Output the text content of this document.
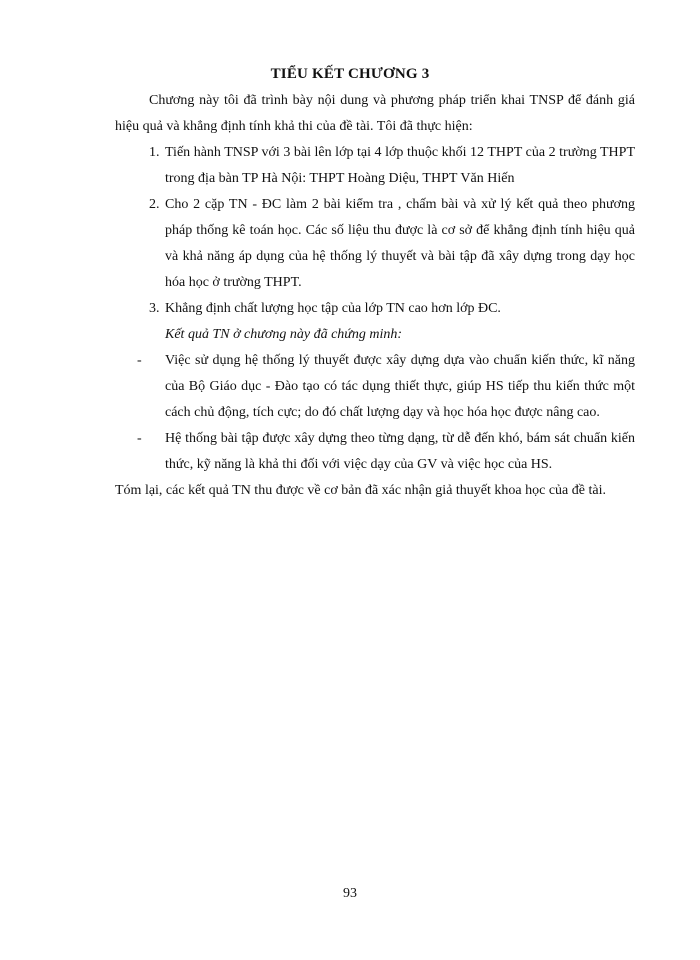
TIỂU KẾT CHƯƠNG 3

Chương này tôi đã trình bày nội dung và phương pháp triển khai TNSP để đánh giá hiệu quả và khẳng định tính khả thi của đề tài. Tôi đã thực hiện:

1. Tiến hành TNSP với 3 bài lên lớp tại 4 lớp thuộc khối 12 THPT của 2 trường THPT trong địa bàn TP Hà Nội: THPT Hoàng Diệu, THPT Văn Hiến
2. Cho 2 cặp TN - ĐC làm 2 bài kiểm tra , chấm bài và xử lý kết quả theo phương pháp thống kê toán học. Các số liệu thu được là cơ sở để khẳng định tính hiệu quả và khả năng áp dụng của hệ thống lý thuyết và bài tập đã xây dựng trong dạy học hóa học ở trường THPT.
3. Khẳng định chất lượng học tập của lớp TN cao hơn lớp ĐC.

Kết quả TN ở chương này đã chứng minh:

- Việc sử dụng hệ thống lý thuyết được xây dựng dựa vào chuẩn kiến thức, kĩ năng của Bộ Giáo dục - Đào tạo có tác dụng thiết thực, giúp HS tiếp thu kiến thức một cách chủ động, tích cực; do đó chất lượng dạy và học hóa học được nâng cao.
- Hệ thống bài tập được xây dựng theo từng dạng, từ dễ đến khó, bám sát chuẩn kiến thức, kỹ năng là khả thi đối với việc dạy của GV và việc học của HS.

Tóm lại, các kết quả TN thu được về cơ bản đã xác nhận giả thuyết khoa học của đề tài.

93
